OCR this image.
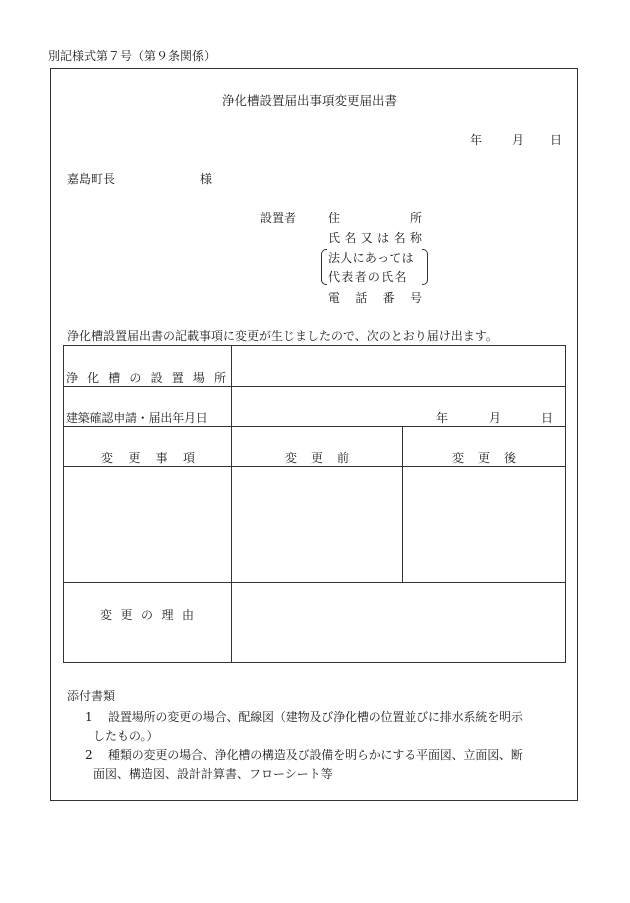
別記様式第７号（第９条関係）
浄化槽設置届出事項変更届出書
年 月 日
嘉島町長	様
設置者	住	所
氏 名 又 は 名 称
法人にあっては
代表者の氏名
電 話 番 号
浄化槽設置届出書の記載事項に変更が生じましたので、次のとおり届け出ます。
浄 化 槽 の 設 置 場 所
建築確認申請・届出年月日	年	月	日
変 更 事 項	変 更 前	変 更 後
変 更 の 理 由
添付書類
1 設置場所の変更の場合、配線図（建物及び浄化槽の位置並びに排水系統を明示
したもの。）
2 種類の変更の場合、浄化槽の構造及び設備を明らかにする平面図、立面図、断
面図、構造図、設計計算書、フローシート等
